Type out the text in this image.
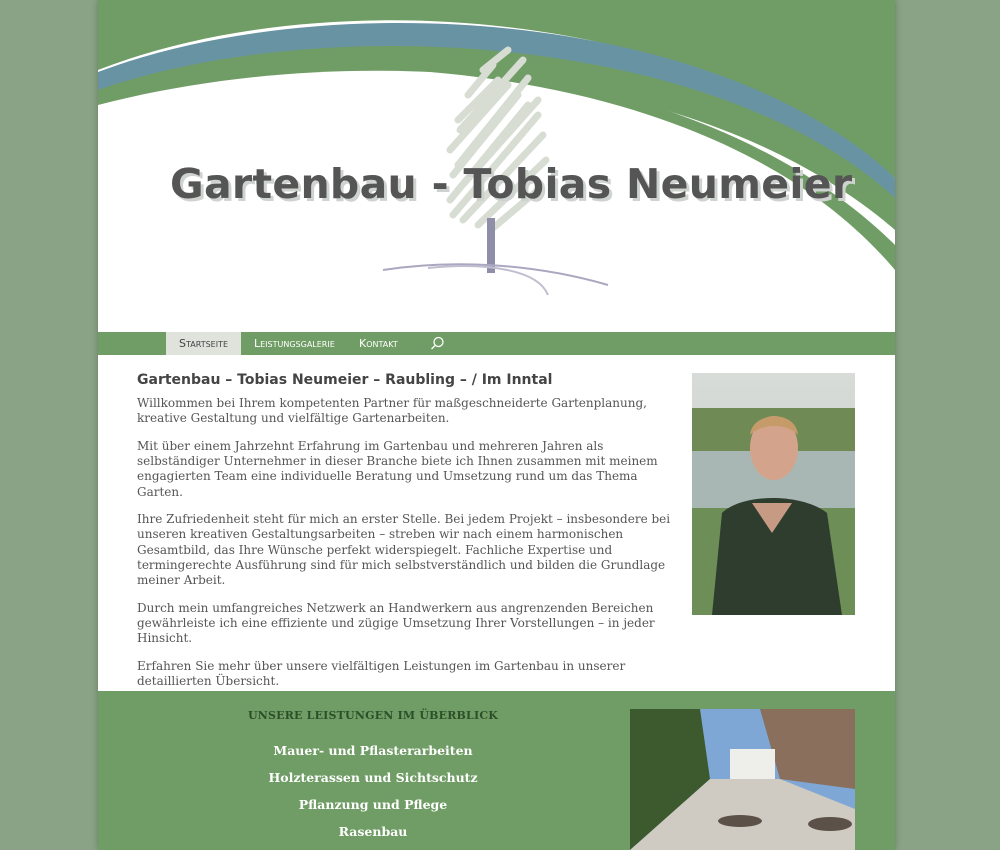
Gartenbau - Tobias Neumeier
Startseite	Leistungsgalerie	Kontakt
Gartenbau – Tobias Neumeier – Raubling – / Im Inntal

Willkommen bei Ihrem kompetenten Partner für maßgeschneiderte Gartenplanung, kreative Gestaltung und vielfältige Gartenarbeiten.

Mit über einem Jahrzehnt Erfahrung im Gartenbau und mehreren Jahren als selbständiger Unternehmer in dieser Branche biete ich Ihnen zusammen mit meinem engagierten Team eine individuelle Beratung und Umsetzung rund um das Thema Garten.

Ihre Zufriedenheit steht für mich an erster Stelle. Bei jedem Projekt – insbesondere bei unseren kreativen Gestaltungsarbeiten – streben wir nach einem harmonischen Gesamtbild, das Ihre Wünsche perfekt widerspiegelt. Fachliche Expertise und termingerechte Ausführung sind für mich selbstverständlich und bilden die Grundlage meiner Arbeit.

Durch mein umfangreiches Netzwerk an Handwerkern aus angrenzenden Bereichen gewährleiste ich eine effiziente und zügige Umsetzung Ihrer Vorstellungen – in jeder Hinsicht.

Erfahren Sie mehr über unsere vielfältigen Leistungen im Gartenbau in unserer detaillierten Übersicht.

UNSERE LEISTUNGEN IM ÜBERBLICK
Mauer- und Pflasterarbeiten
Holzterassen und Sichtschutz
Pflanzung und Pflege
Rasenbau
